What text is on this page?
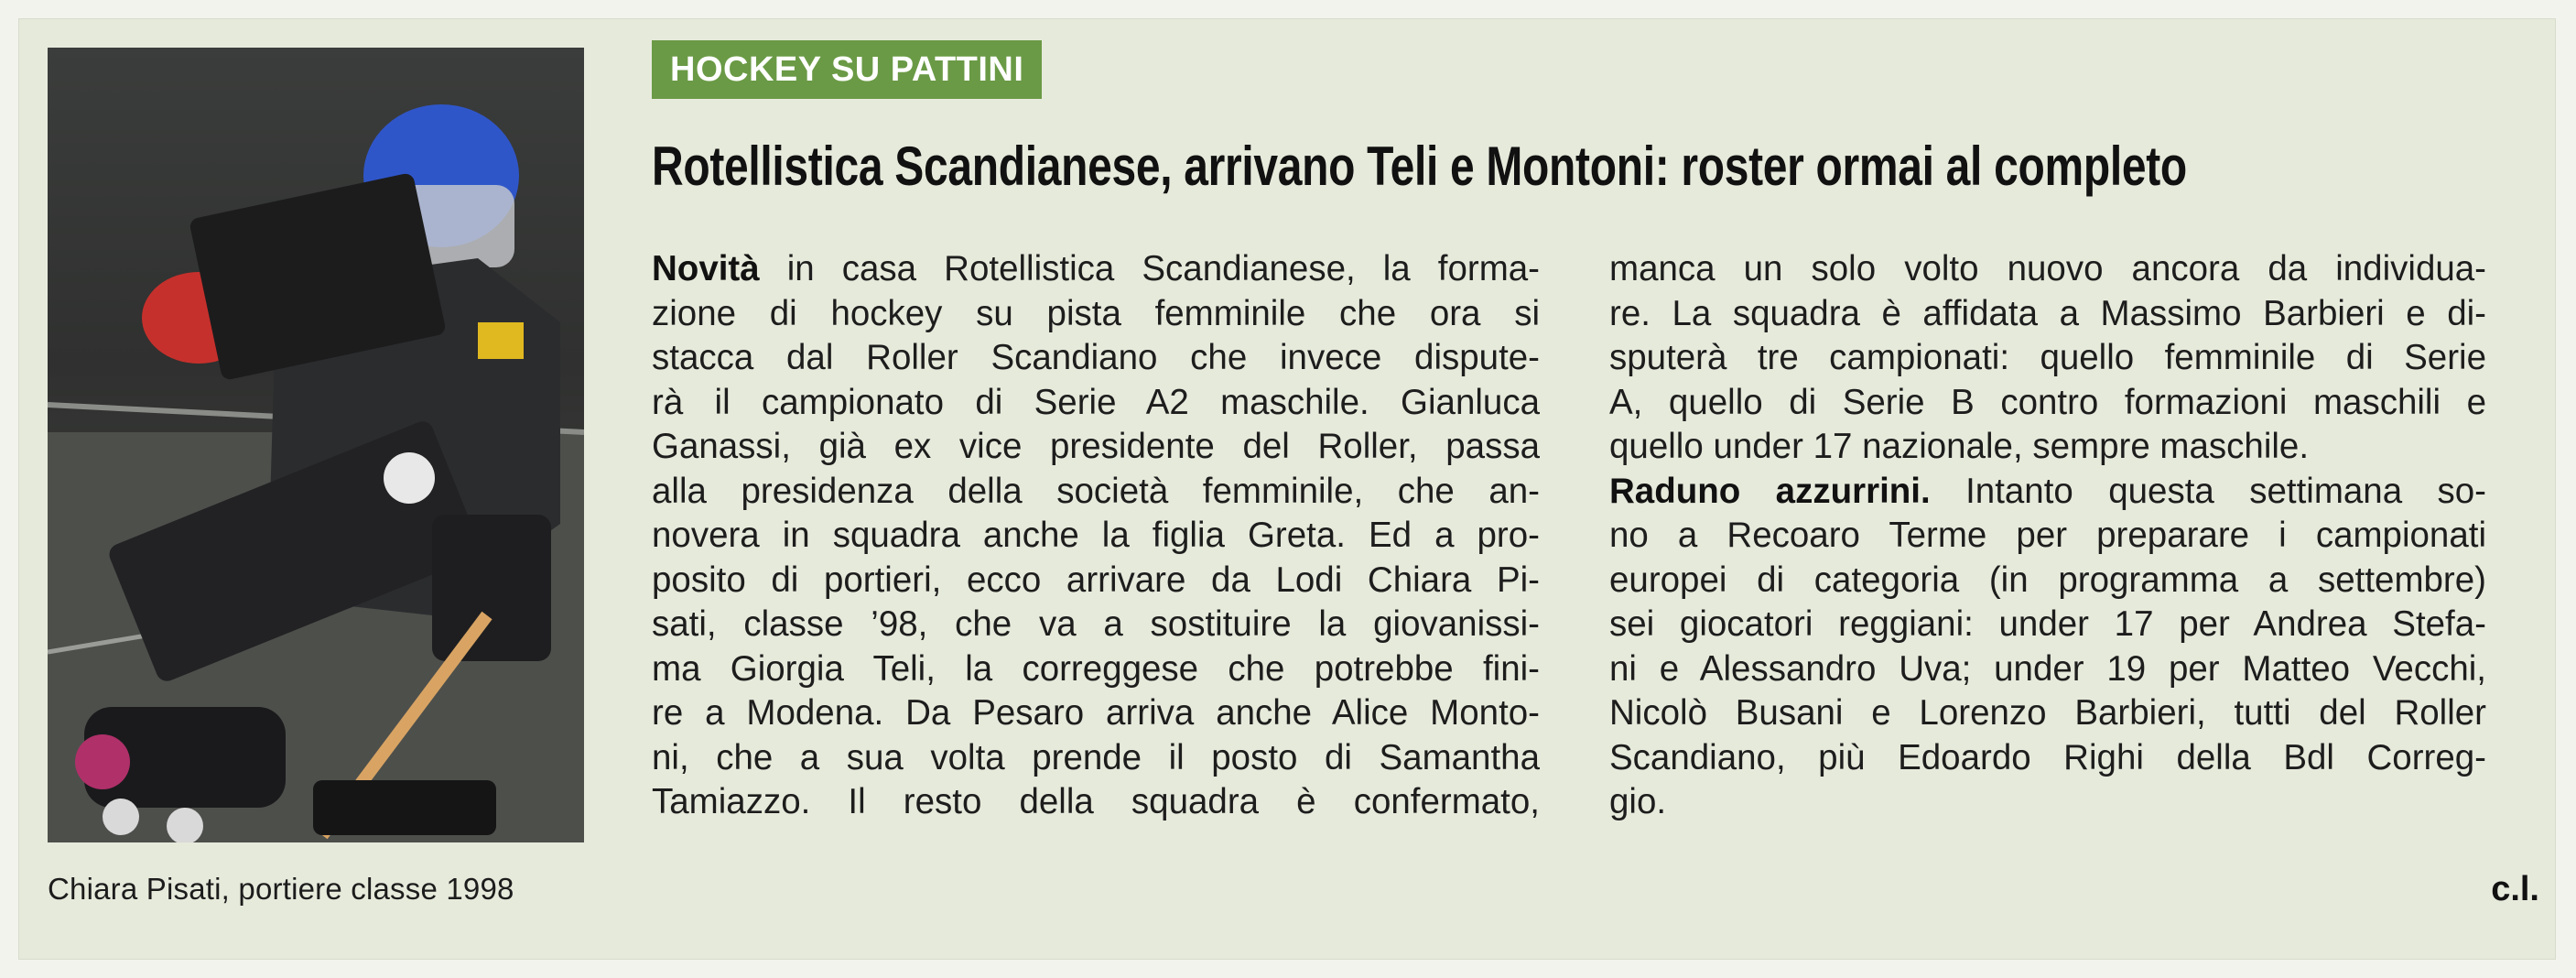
Chiara Pisati, portiere classe 1998
HOCKEY SU PATTINI
Rotellistica Scandianese, arrivano Teli e Montoni: roster ormai al completo
Novità in casa Rotellistica Scandianese, la forma-
zione di hockey su pista femminile che ora si
stacca dal Roller Scandiano che invece dispute-
rà il campionato di Serie A2 maschile. Gianluca
Ganassi, già ex vice presidente del Roller, passa
alla presidenza della società femminile, che an-
novera in squadra anche la figlia Greta. Ed a pro-
posito di portieri, ecco arrivare da Lodi Chiara Pi-
sati, classe ’98, che va a sostituire la giovanissi-
ma Giorgia Teli, la correggese che potrebbe fini-
re a Modena. Da Pesaro arriva anche Alice Monto-
ni, che a sua volta prende il posto di Samantha
Tamiazzo. Il resto della squadra è confermato,
manca un solo volto nuovo ancora da individua-
re. La squadra è affidata a Massimo Barbieri e di-
sputerà tre campionati: quello femminile di Serie
A, quello di Serie B contro formazioni maschili e
quello under 17 nazionale, sempre maschile.
Raduno azzurrini. Intanto questa settimana so-
no a Recoaro Terme per preparare i campionati
europei di categoria (in programma a settembre)
sei giocatori reggiani: under 17 per Andrea Stefa-
ni e Alessandro Uva; under 19 per Matteo Vecchi,
Nicolò Busani e Lorenzo Barbieri, tutti del Roller
Scandiano, più Edoardo Righi della Bdl Correg-
gio.
c.l.
